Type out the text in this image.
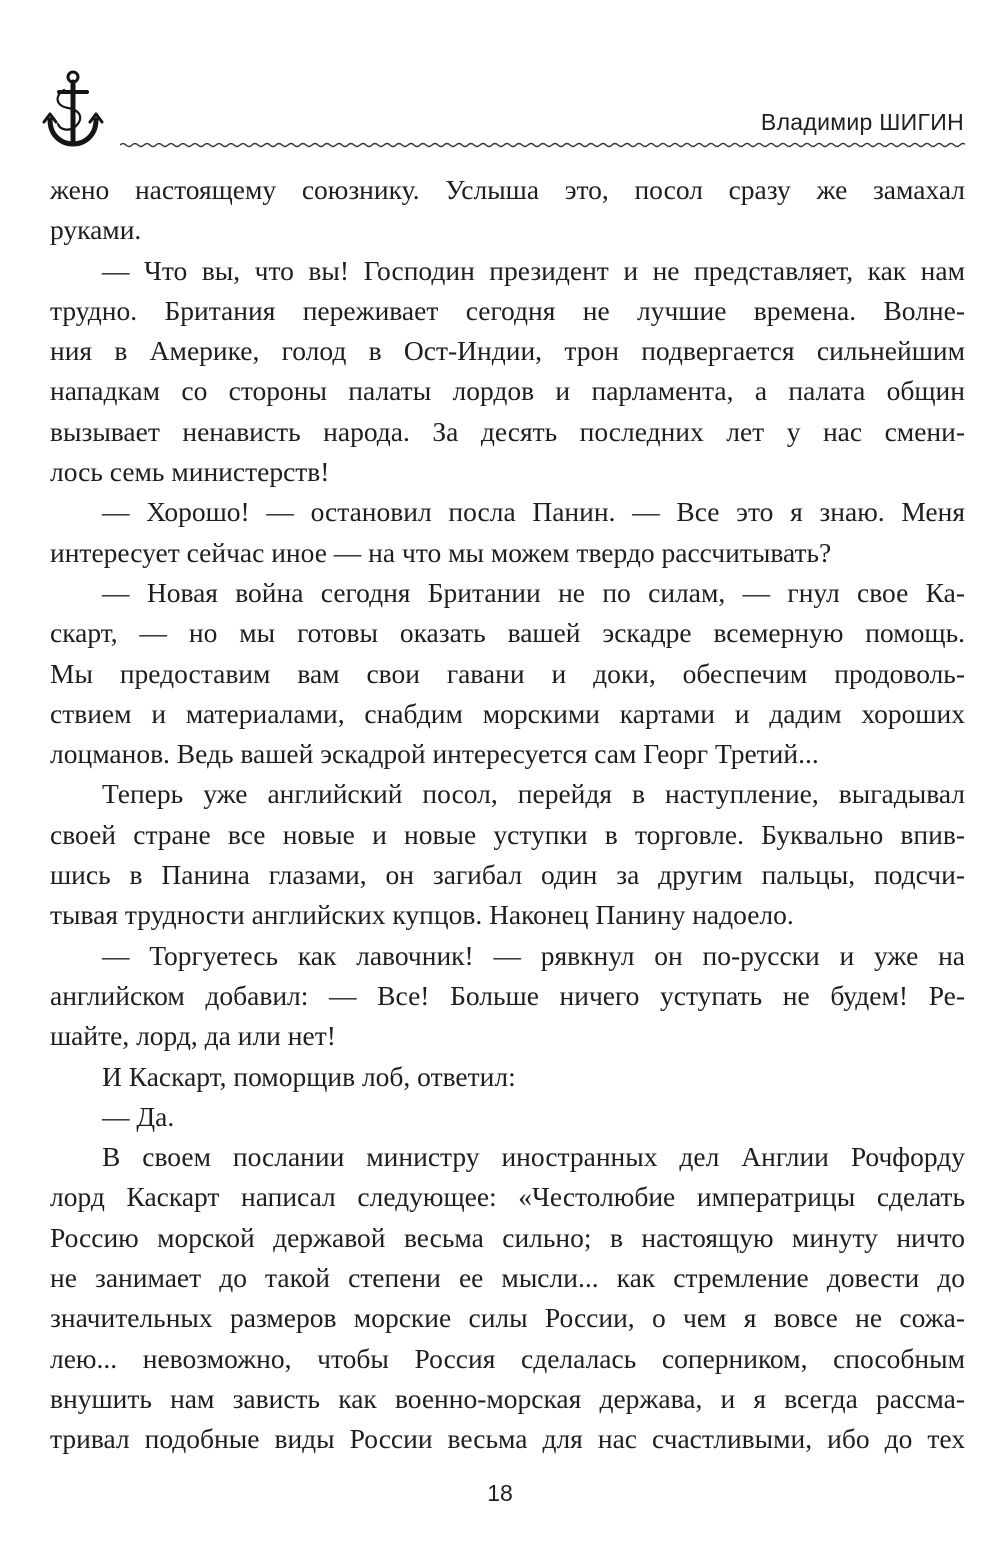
Владимир ШИГИН
жено настоящему союзнику. Услыша это, посол сразу же замахал
руками.
— Что вы, что вы! Господин президент и не представляет, как нам
трудно. Британия переживает сегодня не лучшие времена. Волне-
ния в Америке, голод в Ост-Индии, трон подвергается сильнейшим
нападкам со стороны палаты лордов и парламента, а палата общин
вызывает ненависть народа. За десять последних лет у нас смени-
лось семь министерств!
— Хорошо! — остановил посла Панин. — Все это я знаю. Меня
интересует сейчас иное — на что мы можем твердо рассчитывать?
— Новая война сегодня Британии не по силам, — гнул свое Ка-
скарт, — но мы готовы оказать вашей эскадре всемерную помощь.
Мы предоставим вам свои гавани и доки, обеспечим продоволь-
ствием и материалами, снабдим морскими картами и дадим хороших
лоцманов. Ведь вашей эскадрой интересуется сам Георг Третий...
Теперь уже английский посол, перейдя в наступление, выгадывал
своей стране все новые и новые уступки в торговле. Буквально впив-
шись в Панина глазами, он загибал один за другим пальцы, подсчи-
тывая трудности английских купцов. Наконец Панину надоело.
— Торгуетесь как лавочник! — рявкнул он по-русски и уже на
английском добавил: — Все! Больше ничего уступать не будем! Ре-
шайте, лорд, да или нет!
И Каскарт, поморщив лоб, ответил:
— Да.
В своем послании министру иностранных дел Англии Рочфорду
лорд Каскарт написал следующее: «Честолюбие императрицы сделать
Россию морской державой весьма сильно; в настоящую минуту ничто
не занимает до такой степени ее мысли... как стремление довести до
значительных размеров морские силы России, о чем я вовсе не сожа-
лею... невозможно, чтобы Россия сделалась соперником, способным
внушить нам зависть как военно-морская держава, и я всегда рассма-
тривал подобные виды России весьма для нас счастливыми, ибо до тех
18
